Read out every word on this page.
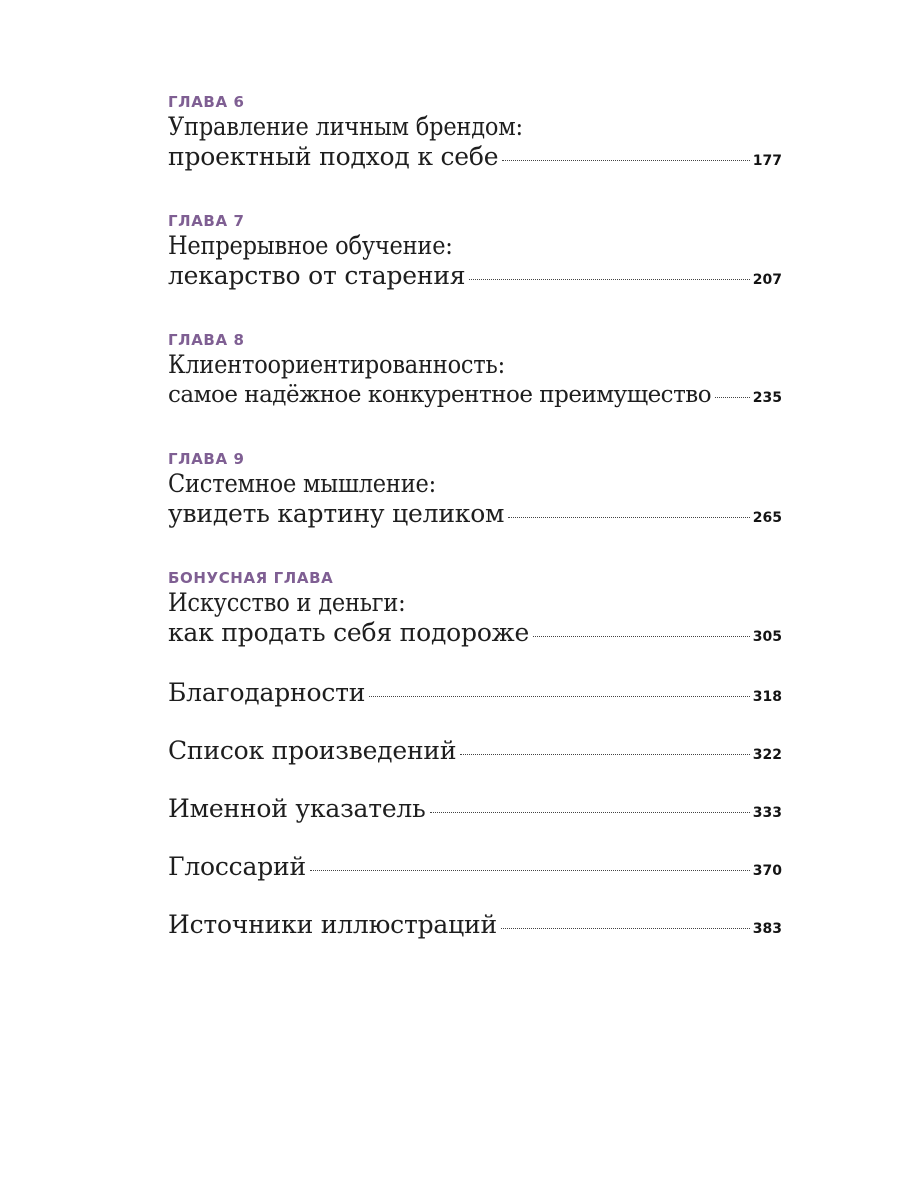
ГЛАВА 6
Управление личным брендом:
проектный подход к себе	177
ГЛАВА 7
Непрерывное обучение:
лекарство от старения	207
ГЛАВА 8
Клиентоориентированность:
самое надёжное конкурентное преимущество	235
ГЛАВА 9
Системное мышление:
увидеть картину целиком	265
БОНУСНАЯ ГЛАВА
Искусство и деньги:
как продать себя подороже	305
Благодарности	318
Список произведений	322
Именной указатель	333
Глоссарий	370
Источники иллюстраций	383
